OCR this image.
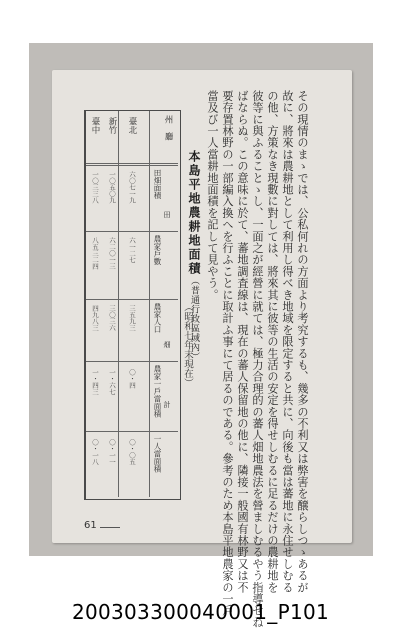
その現情のまゝでは、公私何れの方面より考究するも、幾多の不利又は弊害を醸らしつゝあるが
故に、將來は農耕地として利用し得べき地域を限定すると共に、向後も當は蕃地に永住せしむる
の他、方策なき現數に對しては、將來其に彼等の生活の安定を得せしむるに足るだけの農耕地を
彼等に與ふることゝし、一面之が經營に就ては、極力合理的の蕃人畑地農法を營ましむるやう指導せね
ばならぬ。この意味に於て、蕃地調査線は、現在の蕃人保留地の他に、隣接一般國有林野又は不
要存置林野の一部編入換へを行ふことに取計ふ事にて居るのである。參考のため本島平地農家の一戶
當及び一人當耕地面積を記して見やう。
本島平地農耕地面積（普通行政區域內）
（昭和七年末現在）
州　廳
田畑面積
農家戶數
農家人口
農家一戶當面積
一人當面積
田
畑
計
臺北
新竹
臺中
六〇七一九
一〇五〇九
一〇三三八
六一二七
六二〇一三
八五三二四
三五九三
三〇三六
四九八三
〇・四
一・六七
一・四三
〇・〇五
〇・一一
〇・一八
61
200303300040001_P101
